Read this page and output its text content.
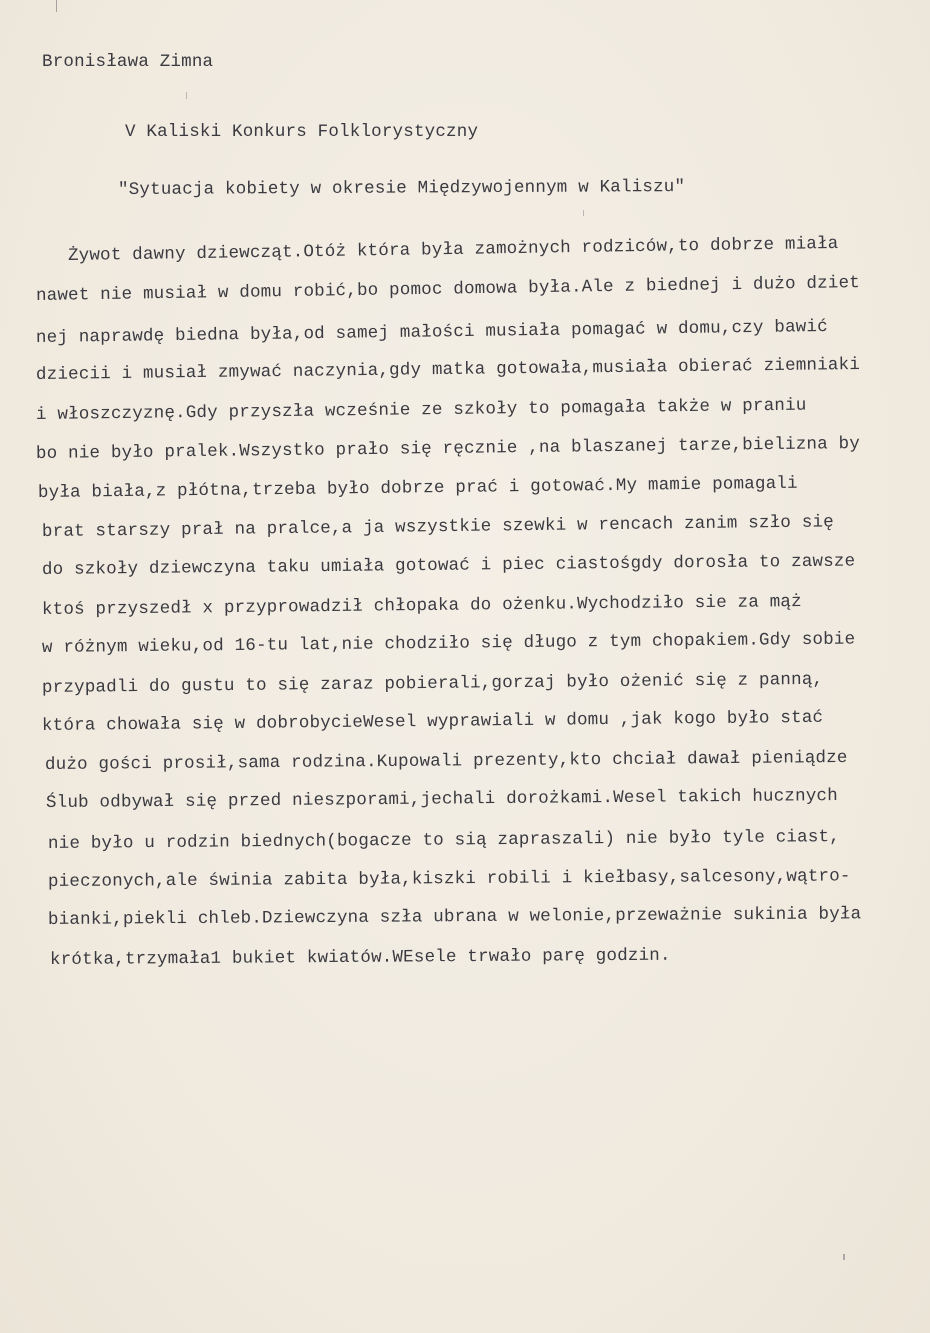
Bronisława Zimna
V Kaliski Konkurs Folklorystyczny
"Sytuacja kobiety w okresie Międzywojennym w Kaliszu"
Żywot dawny dziewcząt.Otóż która była zamożnych rodziców,to dobrze miała
nawet nie musiał w domu robić,bo pomoc domowa była.Ale z biednej i dużo dziet
nej naprawdę biedna była,od samej małości musiała pomagać w domu,czy bawić
dziecii i musiał zmywać naczynia,gdy matka gotowała,musiała obierać ziemniaki
i włoszczyznę.Gdy przyszła wcześnie ze szkoły to pomagała także w praniu
bo nie było pralek.Wszystko prało się ręcznie ,na blaszanej tarze,bielizna by
była biała,z płótna,trzeba było dobrze prać i gotować.My mamie pomagali
brat starszy prał na pralce,a ja wszystkie szewki w rencach zanim szło się
do szkoły dziewczyna taku umiała gotować i piec ciastośgdy dorosła to zawsze
ktoś przyszedł x przyprowadził chłopaka do ożenku.Wychodziło sie za mąż
w różnym wieku,od 16-tu lat,nie chodziło się długo z tym chopakiem.Gdy sobie
przypadli do gustu to się zaraz pobierali,gorzaj było ożenić się z panną,
która chowała się w dobrobycieWesel wyprawiali w domu ,jak kogo było stać
dużo gości prosił,sama rodzina.Kupowali prezenty,kto chciał dawał pieniądze
Ślub odbywał się przed nieszporami,jechali dorożkami.Wesel takich hucznych
nie było u rodzin biednych(bogacze to sią zapraszali) nie było tyle ciast,
pieczonych,ale świnia zabita była,kiszki robili i kiełbasy,salcesony,wątro-
bianki,piekli chleb.Dziewczyna szła ubrana w welonie,przeważnie sukinia była
krótka,trzymała1 bukiet kwiatów.WEsele trwało parę godzin.
